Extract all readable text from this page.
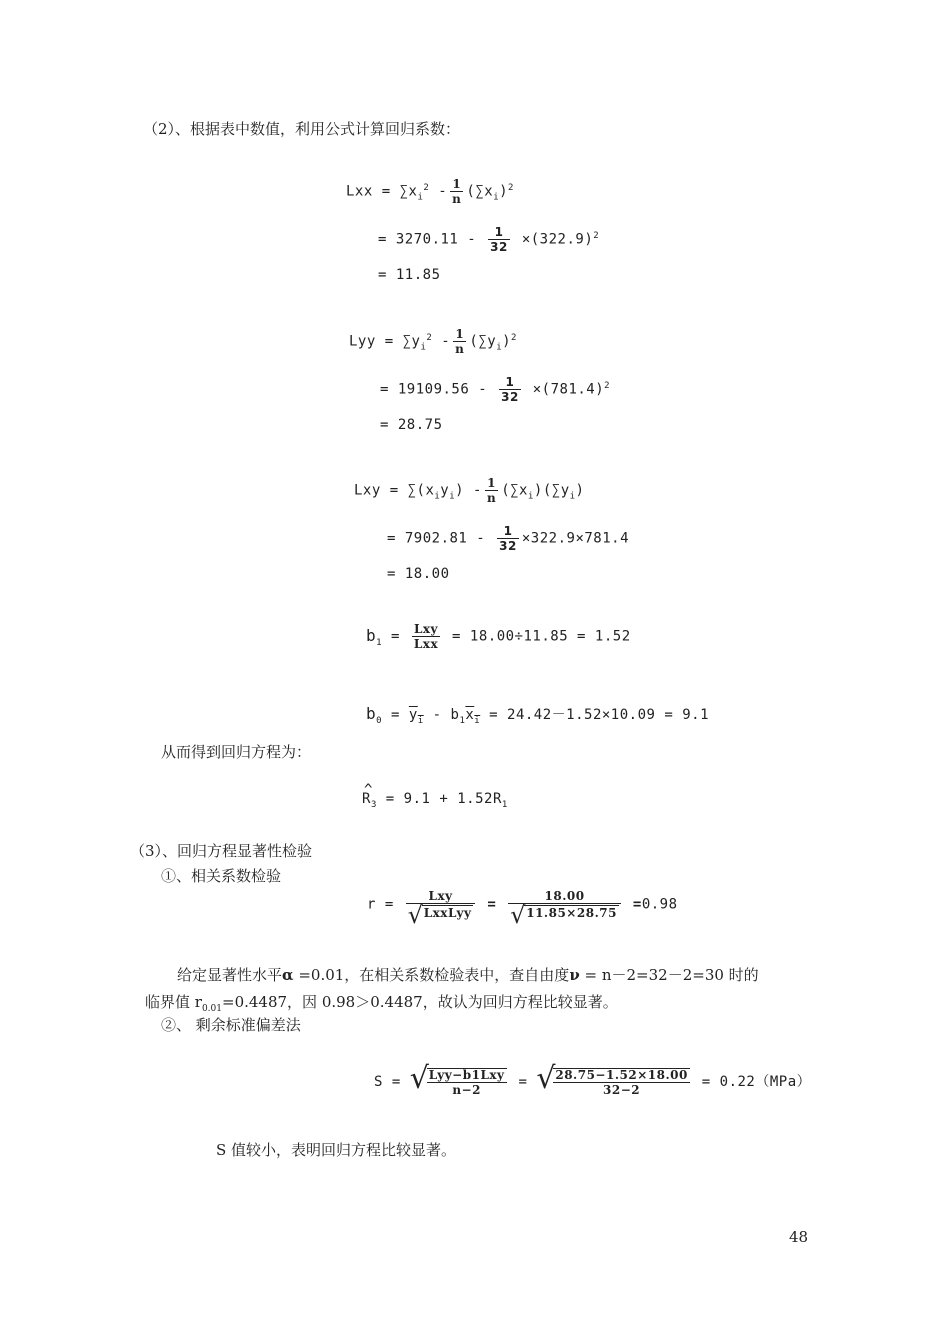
（2）、根据表中数值，利用公式计算回归系数：
Lxx = $\sum x_i^2 - \frac{1}{n} (\sum x_i)^2$
= $3270.11 - \frac{1}{32} \times(322.9)^2$
= 11.85
Lyy = $\sum y_i^2 - \frac{1}{n} (\sum y_i)^2$
= $19109.56 - \frac{1}{32} \times(781.4)^2$
= 28.75
Lxy = $\sum(x_iy_i) - \frac{1}{n} (\sum x_i)(\sum y_i)$
= $7902.81 - \frac{1}{32} \times 322.9\times 781.4$
= 18.00
$b_1 = \frac{\text{Lxy}}{\text{Lxx}} = 18.00\div 11.85 = 1.52$
$b_0 = y_i - b_1x_i = 24.42-1.52\times 10.09 = 9.1$
从而得到回归方程为：
^ $R_3 = 9.1 + 1.52R_1$
（3）、回归方程显著性检验
①、相关系数检验
$r = \frac{\text{Lxy}}{\text{√ LxxLyy}} = \frac{18.00}{√ 11.85\times 28.75} =0.98$
给定显著性水平α =0.01，在相关系数检验表中，查自由度ν = n－2=32－2=30 时的
临界值 $r_{0.01}=0.4487$，因 0.98＞0.4487，故认为回归方程比较显著。
②、 剩余标准偏差法
S = √
$\frac{\text{Lyy−b1Lxy}}{n-2}$ = √
$\frac{28.75-1.52\times 18.00}{32-2} = 0.22(MPa)$
S 值较小，表明回归方程比较显著。
48
